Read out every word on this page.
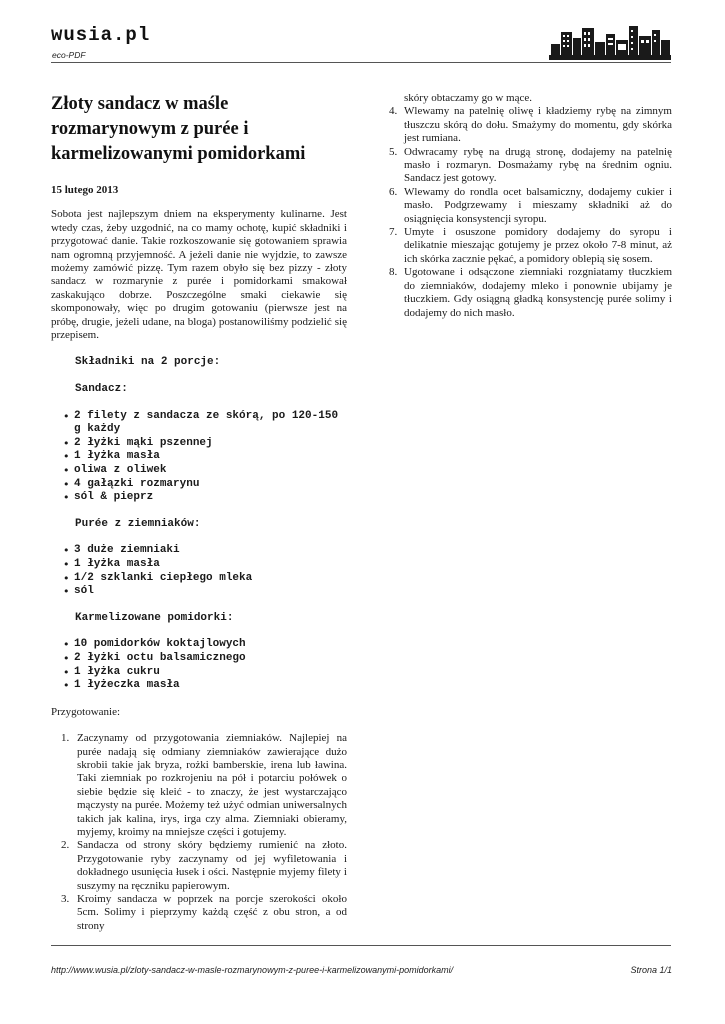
wusia.pl
eco-PDF
Złoty sandacz w maśle rozmarynowym z purée i karmelizowanymi pomidorkami
15 lutego 2013

Sobota jest najlepszym dniem na eksperymenty kulinarne. Jest wtedy czas, żeby uzgodnić, na co mamy ochotę, kupić składniki i przygotować danie. Takie rozkoszowanie się gotowaniem sprawia nam ogromną przyjemność. A jeżeli danie nie wyjdzie, to zawsze możemy zamówić pizzę. Tym razem obyło się bez pizzy - złoty sandacz w rozmarynie z purée i pomidorkami smakował zaskakująco dobrze. Poszczególne smaki ciekawie się skomponowały, więc po drugim gotowaniu (pierwsze jest na próbę, drugie, jeżeli udane, na bloga) postanowiliśmy podzielić się przepisem.

Składniki na 2 porcje:
Sandacz:
• 2 filety z sandacza ze skórą, po 120-150 g każdy
• 2 łyżki mąki pszennej
• 1 łyżka masła
• oliwa z oliwek
• 4 gałązki rozmarynu
• sól & pieprz
Purée z ziemniaków:
• 3 duże ziemniaki
• 1 łyżka masła
• 1/2 szklanki ciepłego mleka
• sól
Karmelizowane pomidorki:
• 10 pomidorków koktajlowych
• 2 łyżki octu balsamicznego
• 1 łyżka cukru
• 1 łyżeczka masła

Przygotowanie:

1. Zaczynamy od przygotowania ziemniaków. Najlepiej na purée nadają się odmiany ziemniaków zawierające dużo skrobii takie jak bryza, rożki bamberskie, irena lub ławina. Taki ziemniak po rozkrojeniu na pół i potarciu połówek o siebie będzie się kleić - to znaczy, że jest wystarczająco mączysty na purée. Możemy też użyć odmian uniwersalnych takich jak kalina, irys, irga czy alma. Ziemniaki obieramy, myjemy, kroimy na mniejsze części i gotujemy.
2. Sandacza od strony skóry będziemy rumienić na złoto. Przygotowanie ryby zaczynamy od jej wyfiletowania i dokładnego usunięcia łusek i ości. Następnie myjemy filety i suszymy na ręczniku papierowym.
3. Kroimy sandacza w poprzek na porcje szerokości około 5cm. Solimy i pieprzymy każdą część z obu stron, a od strony

skóry obtaczamy go w mące.

4. Wlewamy na patelnię oliwę i kładziemy rybę na zimnym tłuszczu skórą do dołu. Smażymy do momentu, gdy skórka jest rumiana.
5. Odwracamy rybę na drugą stronę, dodajemy na patelnię masło i rozmaryn. Dosmażamy rybę na średnim ogniu. Sandacz jest gotowy.
6. Wlewamy do rondla ocet balsamiczny, dodajemy cukier i masło. Podgrzewamy i mieszamy składniki aż do osiągnięcia konsystencji syropu.
7. Umyte i osuszone pomidory dodajemy do syropu i delikatnie mieszając gotujemy je przez około 7-8 minut, aż ich skórka zacznie pękać, a pomidory oblepią się sosem.
8. Ugotowane i odsączone ziemniaki rozgniatamy tłuczkiem do ziemniaków, dodajemy mleko i ponownie ubijamy je tłuczkiem. Gdy osiągną gładką konsystencję purée solimy i dodajemy do nich masło.
http://www.wusia.pl/zloty-sandacz-w-masle-rozmarynowym-z-puree-i-karmelizowanymi-pomidorkami/	Strona 1/1
